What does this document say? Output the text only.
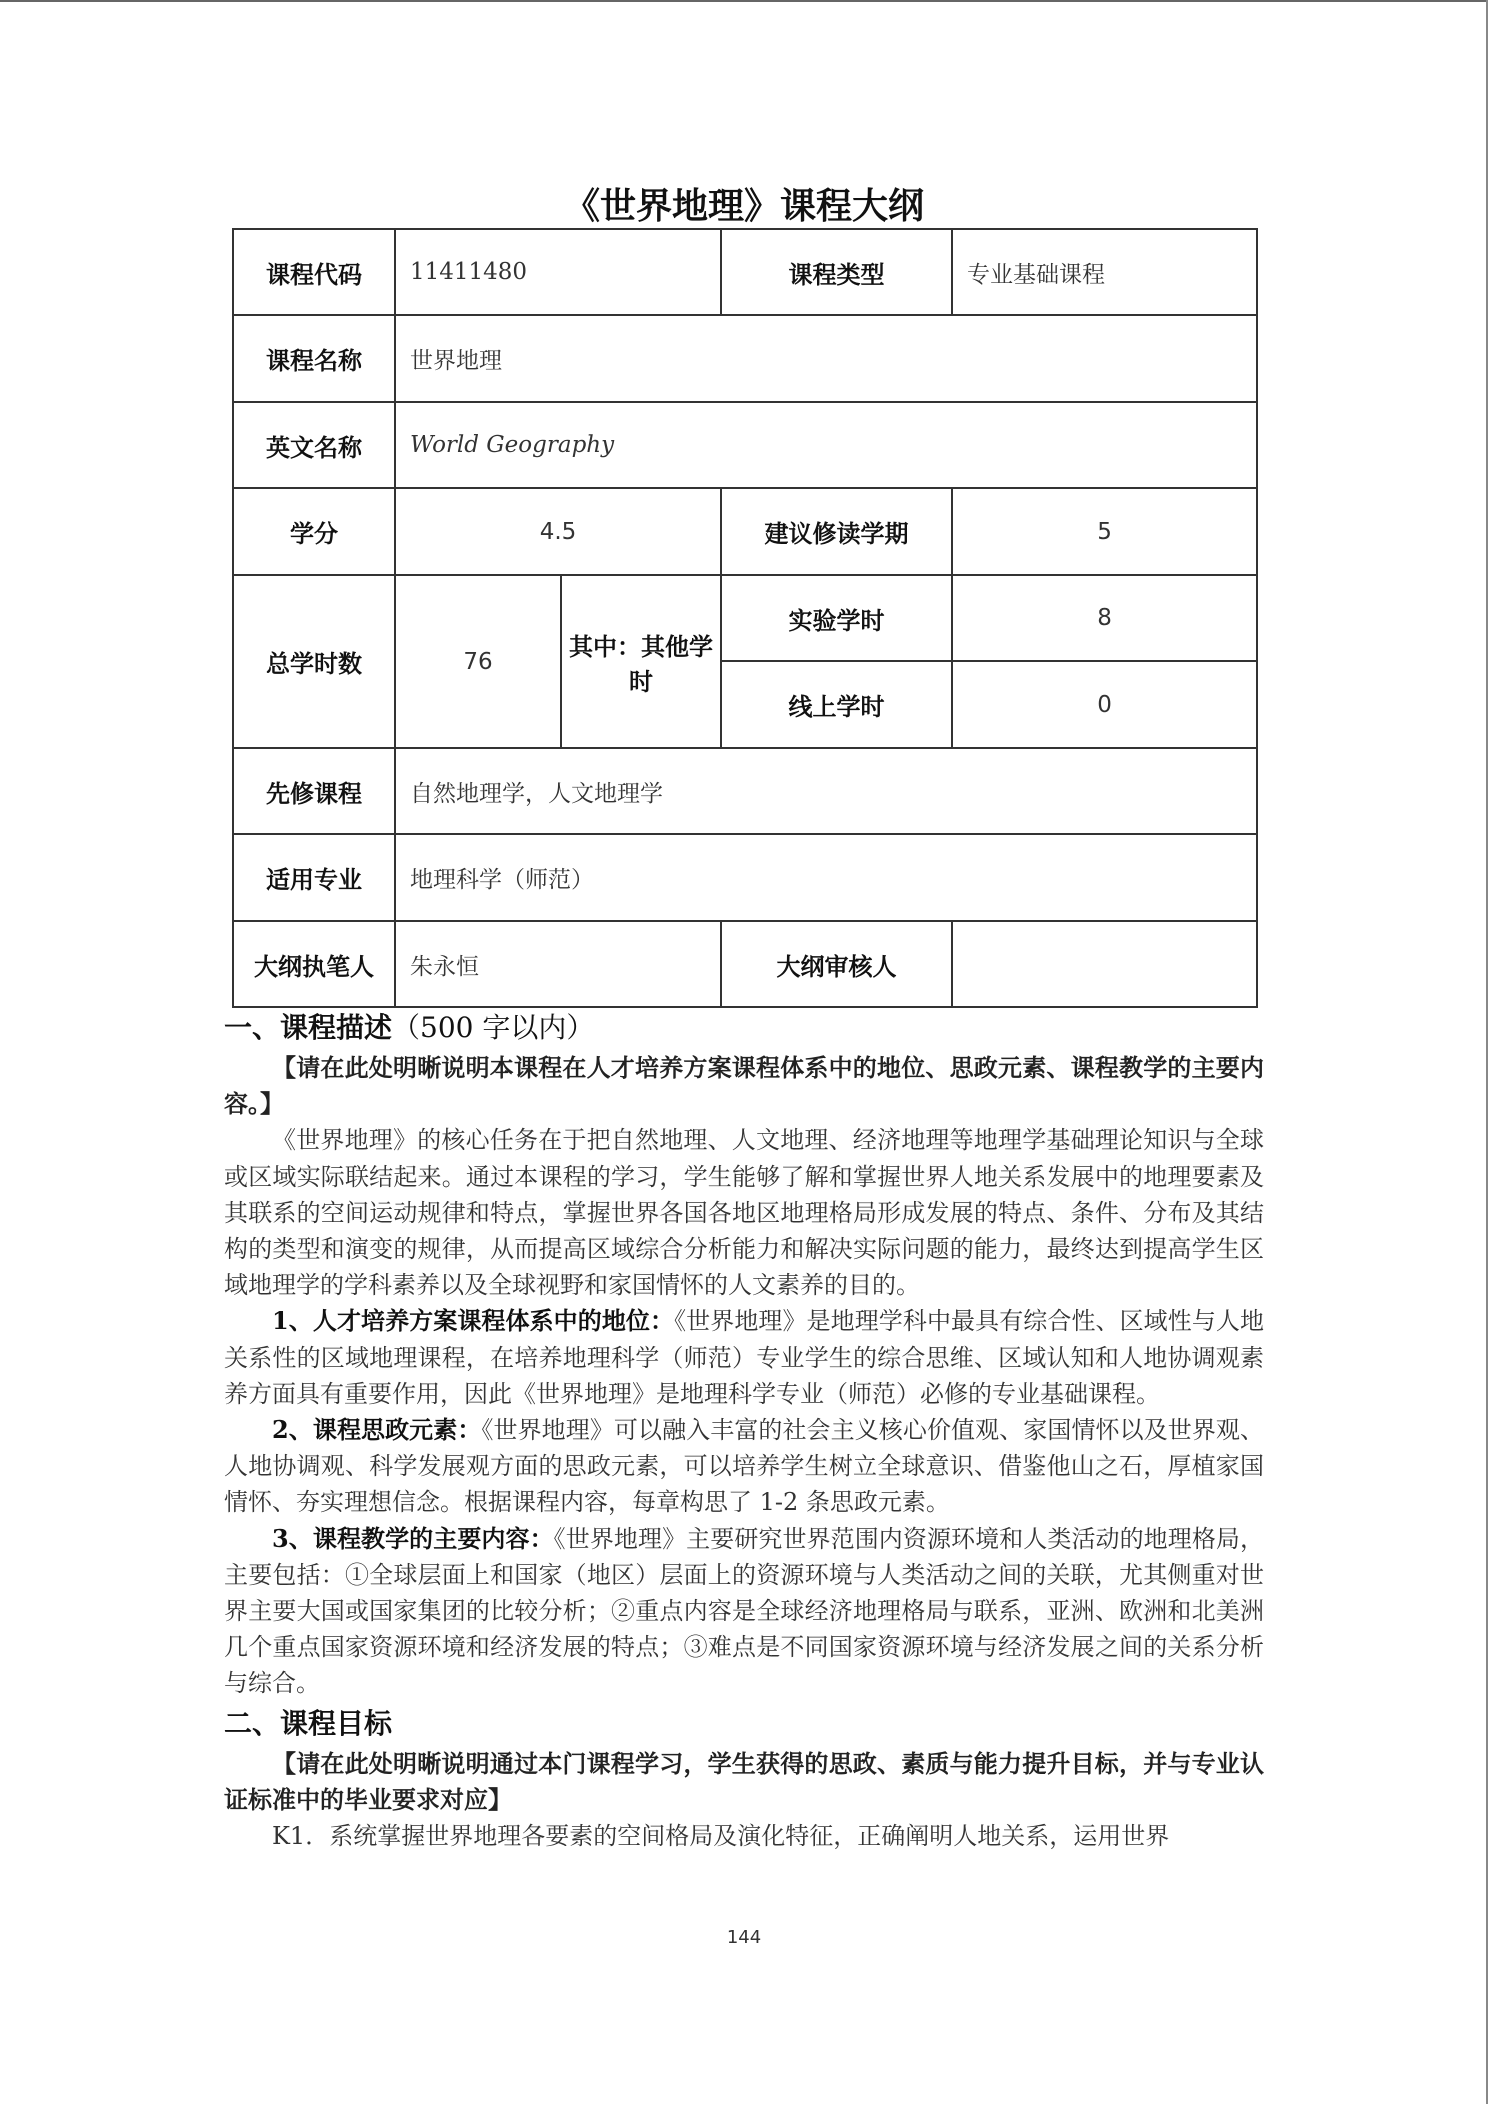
《世界地理》课程大纲
课程代码	11411480		课程类型	专业基础课程
课程名称	世界地理			
英文名称	World Geography			
学分	4.5		建议修读学期	5
总学时数	76	其中：其他学时	实验学时	8
			线上学时	0
先修课程	自然地理学，人文地理学			
适用专业	地理科学（师范）			
大纲执笔人	朱永恒		大纲审核人	
一、课程描述（500 字以内）

【请在此处明晰说明本课程在人才培养方案课程体系中的地位、思政元素、课程教学的主要内容。】

《世界地理》的核心任务在于把自然地理、人文地理、经济地理等地理学基础理论知识与全球或区域实际联结起来。通过本课程的学习，学生能够了解和掌握世界人地关系发展中的地理要素及其联系的空间运动规律和特点，掌握世界各国各地区地理格局形成发展的特点、条件、分布及其结构的类型和演变的规律，从而提高区域综合分析能力和解决实际问题的能力，最终达到提高学生区域地理学的学科素养以及全球视野和家国情怀的人文素养的目的。

1、人才培养方案课程体系中的地位：《世界地理》是地理学科中最具有综合性、区域性与人地关系性的区域地理课程，在培养地理科学（师范）专业学生的综合思维、区域认知和人地协调观素养方面具有重要作用，因此《世界地理》是地理科学专业（师范）必修的专业基础课程。

2、课程思政元素：《世界地理》可以融入丰富的社会主义核心价值观、家国情怀以及世界观、人地协调观、科学发展观方面的思政元素，可以培养学生树立全球意识、借鉴他山之石，厚植家国情怀、夯实理想信念。根据课程内容，每章构思了 1-2 条思政元素。

3、课程教学的主要内容：《世界地理》主要研究世界范围内资源环境和人类活动的地理格局，主要包括：①全球层面上和国家（地区）层面上的资源环境与人类活动之间的关联，尤其侧重对世界主要大国或国家集团的比较分析；②重点内容是全球经济地理格局与联系，亚洲、欧洲和北美洲几个重点国家资源环境和经济发展的特点；③难点是不同国家资源环境与经济发展之间的关系分析与综合。

二、课程目标

【请在此处明晰说明通过本门课程学习，学生获得的思政、素质与能力提升目标，并与专业认证标准中的毕业要求对应】

K1．系统掌握世界地理各要素的空间格局及演化特征，正确阐明人地关系，运用世界

144
